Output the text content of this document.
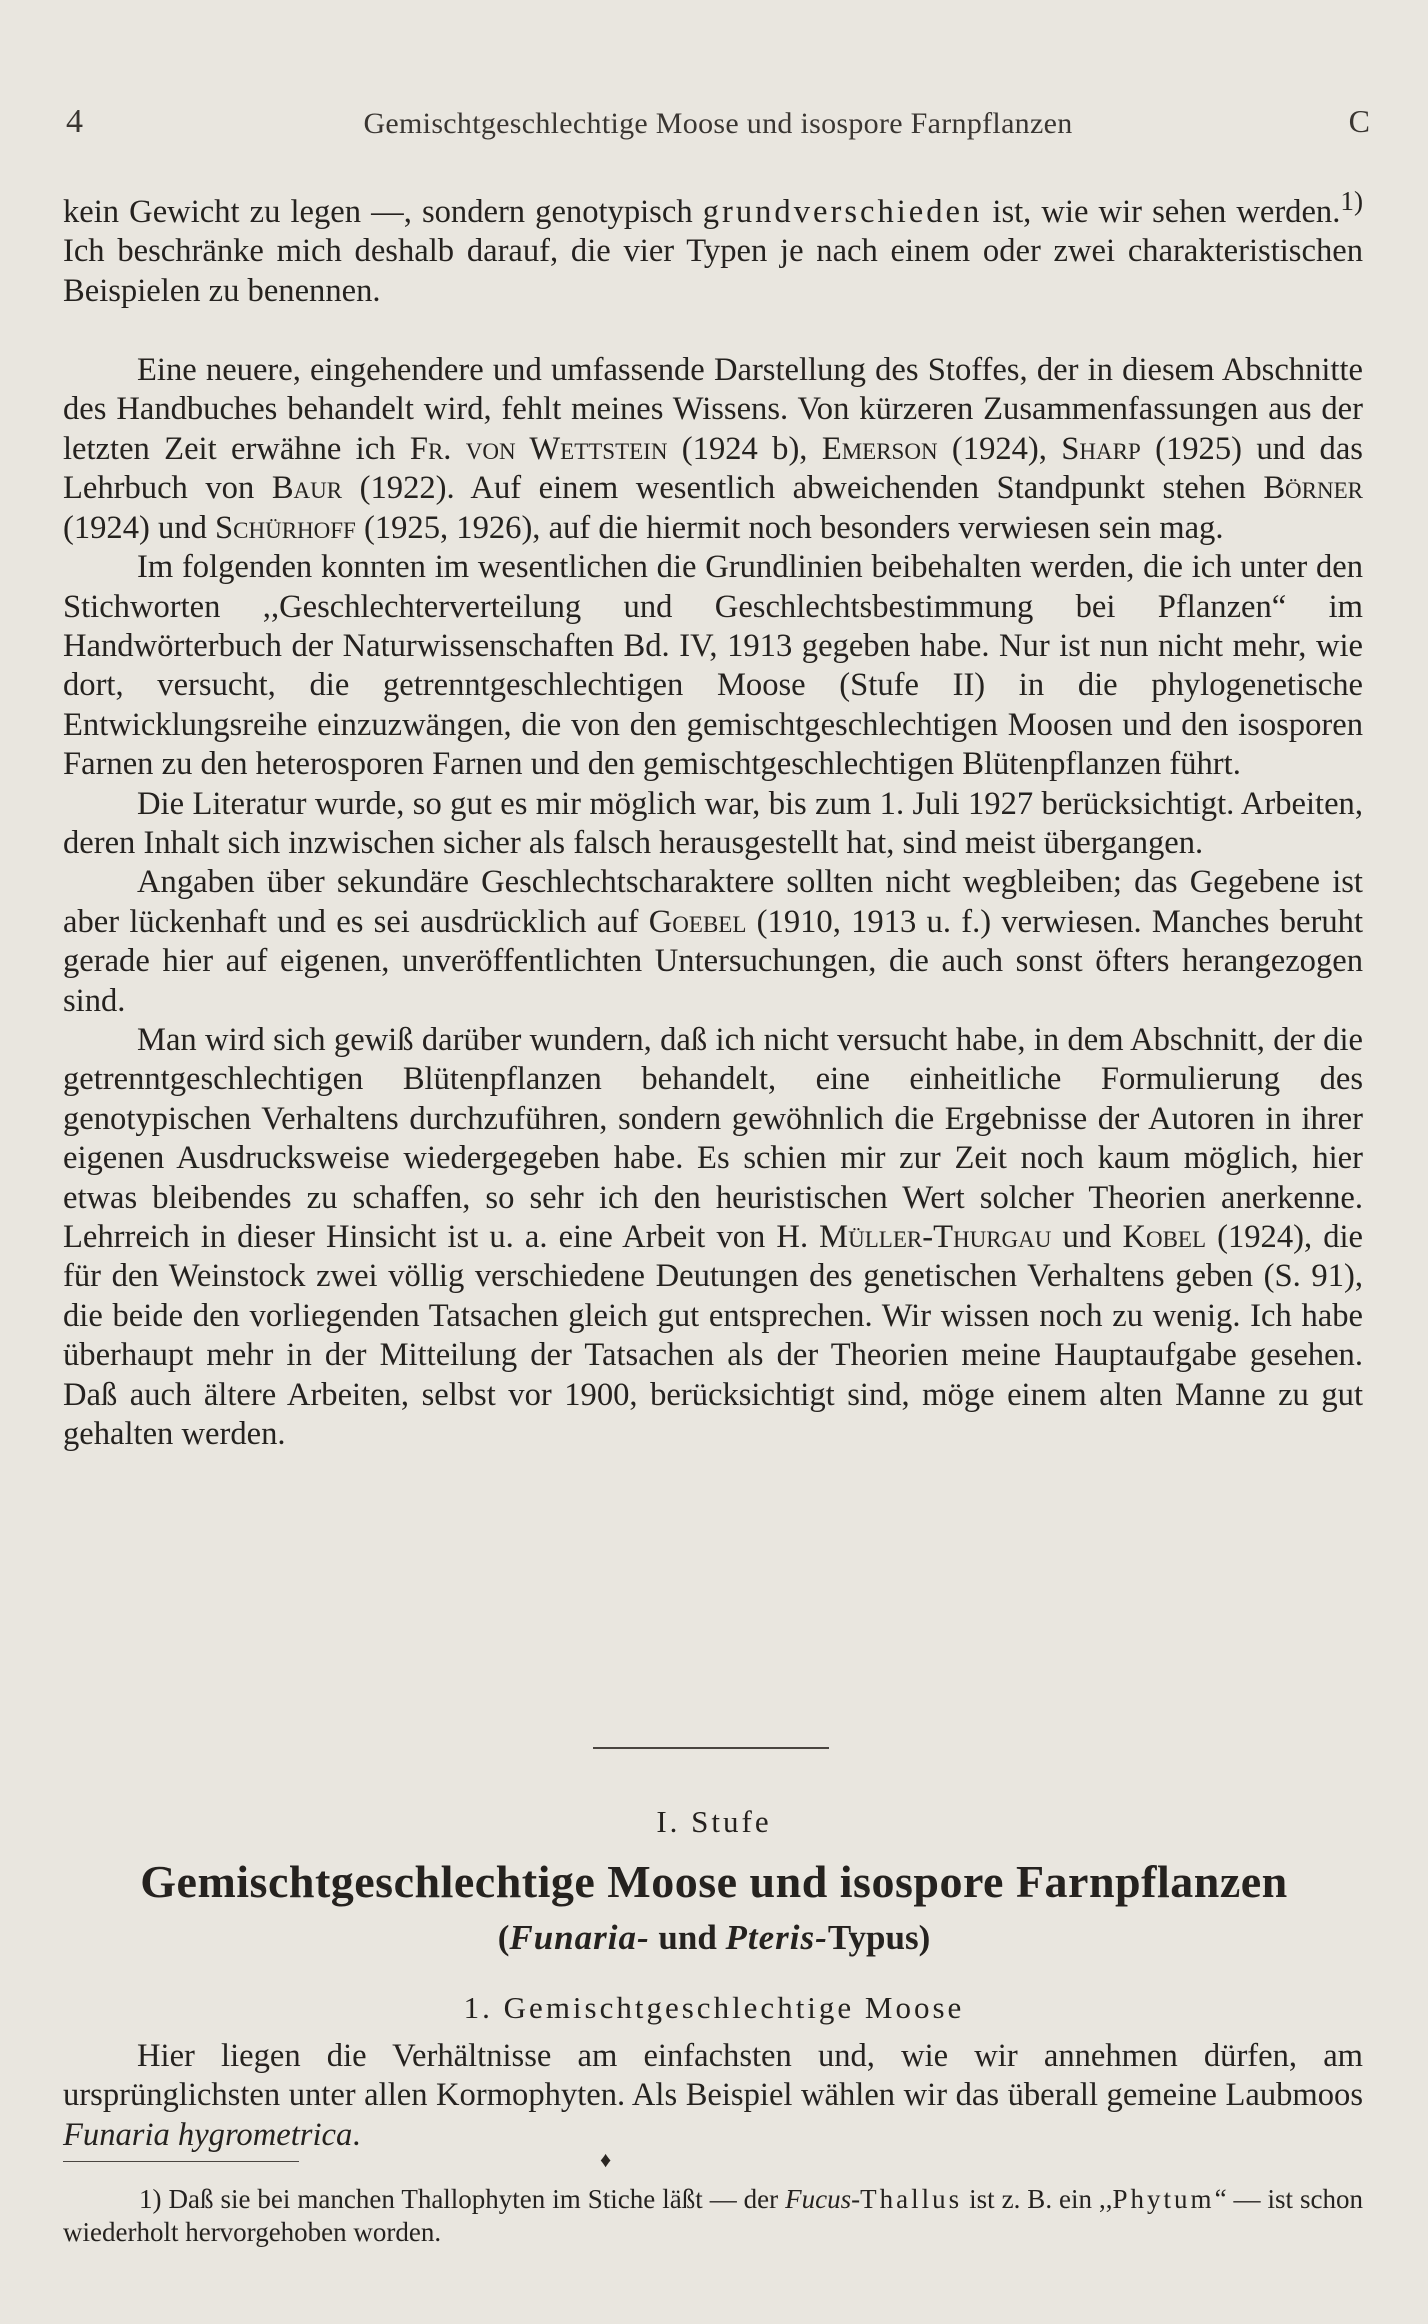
4	Gemischtgeschlechtige Moose und isospore Farnpflanzen	C

kein Gewicht zu legen —, sondern genotypisch grundverschieden ist, wie wir sehen werden.$^{1)}$ Ich beschränke mich deshalb darauf, die vier Typen je nach einem oder zwei charakteristischen Beispielen zu benennen.

Eine neuere, eingehendere und umfassende Darstellung des Stoffes, der in diesem Abschnitte des Handbuches behandelt wird, fehlt meines Wissens. Von kürzeren Zusammenfassungen aus der letzten Zeit erwähne ich Fr. von Wettstein (1924 b), Emerson (1924), Sharp (1925) und das Lehrbuch von Baur (1922). Auf einem wesentlich abweichenden Standpunkt stehen Börner (1924) und Schürhoff (1925, 1926), auf die hiermit noch besonders verwiesen sein mag.

Im folgenden konnten im wesentlichen die Grundlinien beibehalten werden, die ich unter den Stichworten ,,Geschlechterverteilung und Geschlechtsbestimmung bei Pflanzen“ im Handwörterbuch der Naturwissenschaften Bd. IV, 1913 gegeben habe. Nur ist nun nicht mehr, wie dort, versucht, die getrenntgeschlechtigen Moose (Stufe II) in die phylogenetische Entwicklungsreihe einzuzwängen, die von den gemischtgeschlechtigen Moosen und den isosporen Farnen zu den heterosporen Farnen und den gemischtgeschlechtigen Blütenpflanzen führt.

Die Literatur wurde, so gut es mir möglich war, bis zum 1. Juli 1927 berücksichtigt. Arbeiten, deren Inhalt sich inzwischen sicher als falsch herausgestellt hat, sind meist übergangen.

Angaben über sekundäre Geschlechtscharaktere sollten nicht wegbleiben; das Gegebene ist aber lückenhaft und es sei ausdrücklich auf Goebel (1910, 1913 u. f.) verwiesen. Manches beruht gerade hier auf eigenen, unveröffentlichten Untersuchungen, die auch sonst öfters herangezogen sind.

Man wird sich gewiß darüber wundern, daß ich nicht versucht habe, in dem Abschnitt, der die getrenntgeschlechtigen Blütenpflanzen behandelt, eine einheitliche Formulierung des genotypischen Verhaltens durchzuführen, sondern gewöhnlich die Ergebnisse der Autoren in ihrer eigenen Ausdrucksweise wiedergegeben habe. Es schien mir zur Zeit noch kaum möglich, hier etwas bleibendes zu schaffen, so sehr ich den heuristischen Wert solcher Theorien anerkenne. Lehrreich in dieser Hinsicht ist u. a. eine Arbeit von H. Müller-Thurgau und Kobel (1924), die für den Weinstock zwei völlig verschiedene Deutungen des genetischen Verhaltens geben (S. 91), die beide den vorliegenden Tatsachen gleich gut entsprechen. Wir wissen noch zu wenig. Ich habe überhaupt mehr in der Mitteilung der Tatsachen als der Theorien meine Hauptaufgabe gesehen. Daß auch ältere Arbeiten, selbst vor 1900, berücksichtigt sind, möge einem alten Manne zu gut gehalten werden.

I. Stufe
Gemischtgeschlechtige Moose und isospore Farnpflanzen
(Funaria- und Pteris-Typus)
1. Gemischtgeschlechtige Moose

Hier liegen die Verhältnisse am einfachsten und, wie wir annehmen dürfen, am ursprünglichsten unter allen Kormophyten. Als Beispiel wählen wir das überall gemeine Laubmoos Funaria hygrometrica.

♦
1) Daß sie bei manchen Thallophyten im Stiche läßt — der Fucus-Thallus ist z. B. ein ,,Phytum“ — ist schon wiederholt hervorgehoben worden.
